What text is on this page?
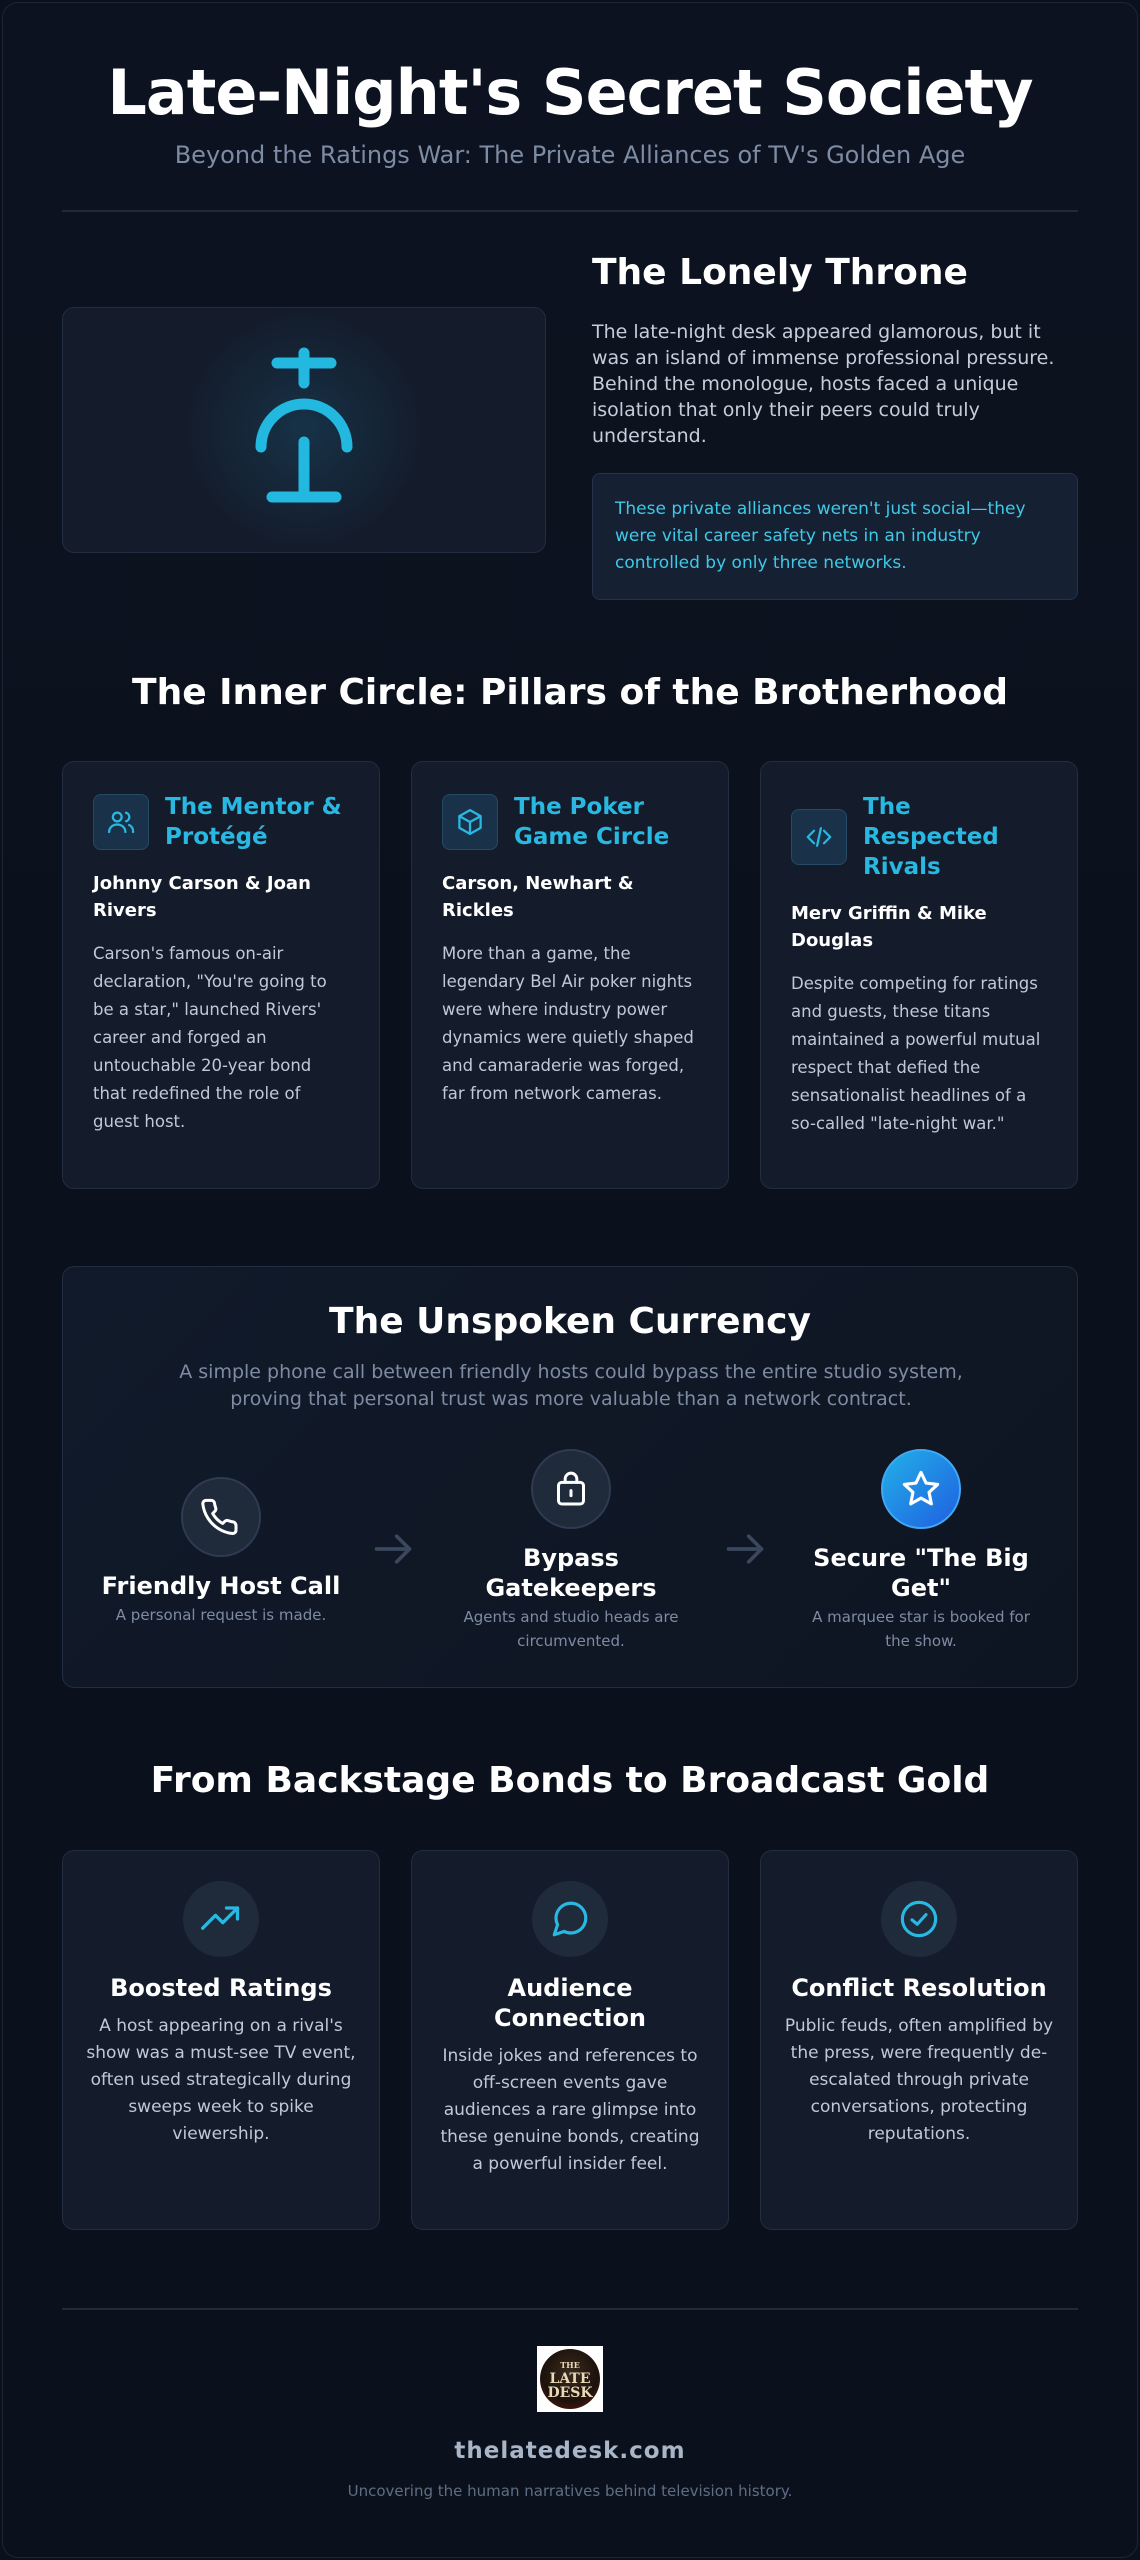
Late-Night's Secret Society
Beyond the Ratings War: The Private Alliances of TV's Golden Age
The Lonely Throne

The late-night desk appeared glamorous, but it was an island of immense professional pressure. Behind the monologue, hosts faced a unique isolation that only their peers could truly understand.

These private alliances weren't just social—they were vital career safety nets in an industry controlled by only three networks.
The Inner Circle: Pillars of the Brotherhood
The Mentor & Protégé
Johnny Carson & Joan Rivers

Carson's famous on-air declaration, "You're going to be a star," launched Rivers' career and forged an untouchable 20-year bond that redefined the role of guest host.

The Poker Game Circle
Carson, Newhart & Rickles

More than a game, the legendary Bel Air poker nights were where industry power dynamics were quietly shaped and camaraderie was forged, far from network cameras.

The Respected Rivals
Merv Griffin & Mike Douglas

Despite competing for ratings and guests, these titans maintained a powerful mutual respect that defied the sensationalist headlines of a so-called "late-night war."

The Unspoken Currency

A simple phone call between friendly hosts could bypass the entire studio system, proving that personal trust was more valuable than a network contract.

Friendly Host Call
A personal request is made.
Bypass Gatekeepers
Agents and studio heads are circumvented.
Secure "The Big Get"
A marquee star is booked for the show.
From Backstage Bonds to Broadcast Gold
Boosted Ratings

A host appearing on a rival's show was a must-see TV event, often used strategically during sweeps week to spike viewership.

Audience Connection

Inside jokes and references to off-screen events gave audiences a rare glimpse into these genuine bonds, creating a powerful insider feel.

Conflict Resolution

Public feuds, often amplified by the press, were frequently de-escalated through private conversations, protecting reputations.

THE
LATE
DESK
thelatedesk.com
Uncovering the human narratives behind television history.
